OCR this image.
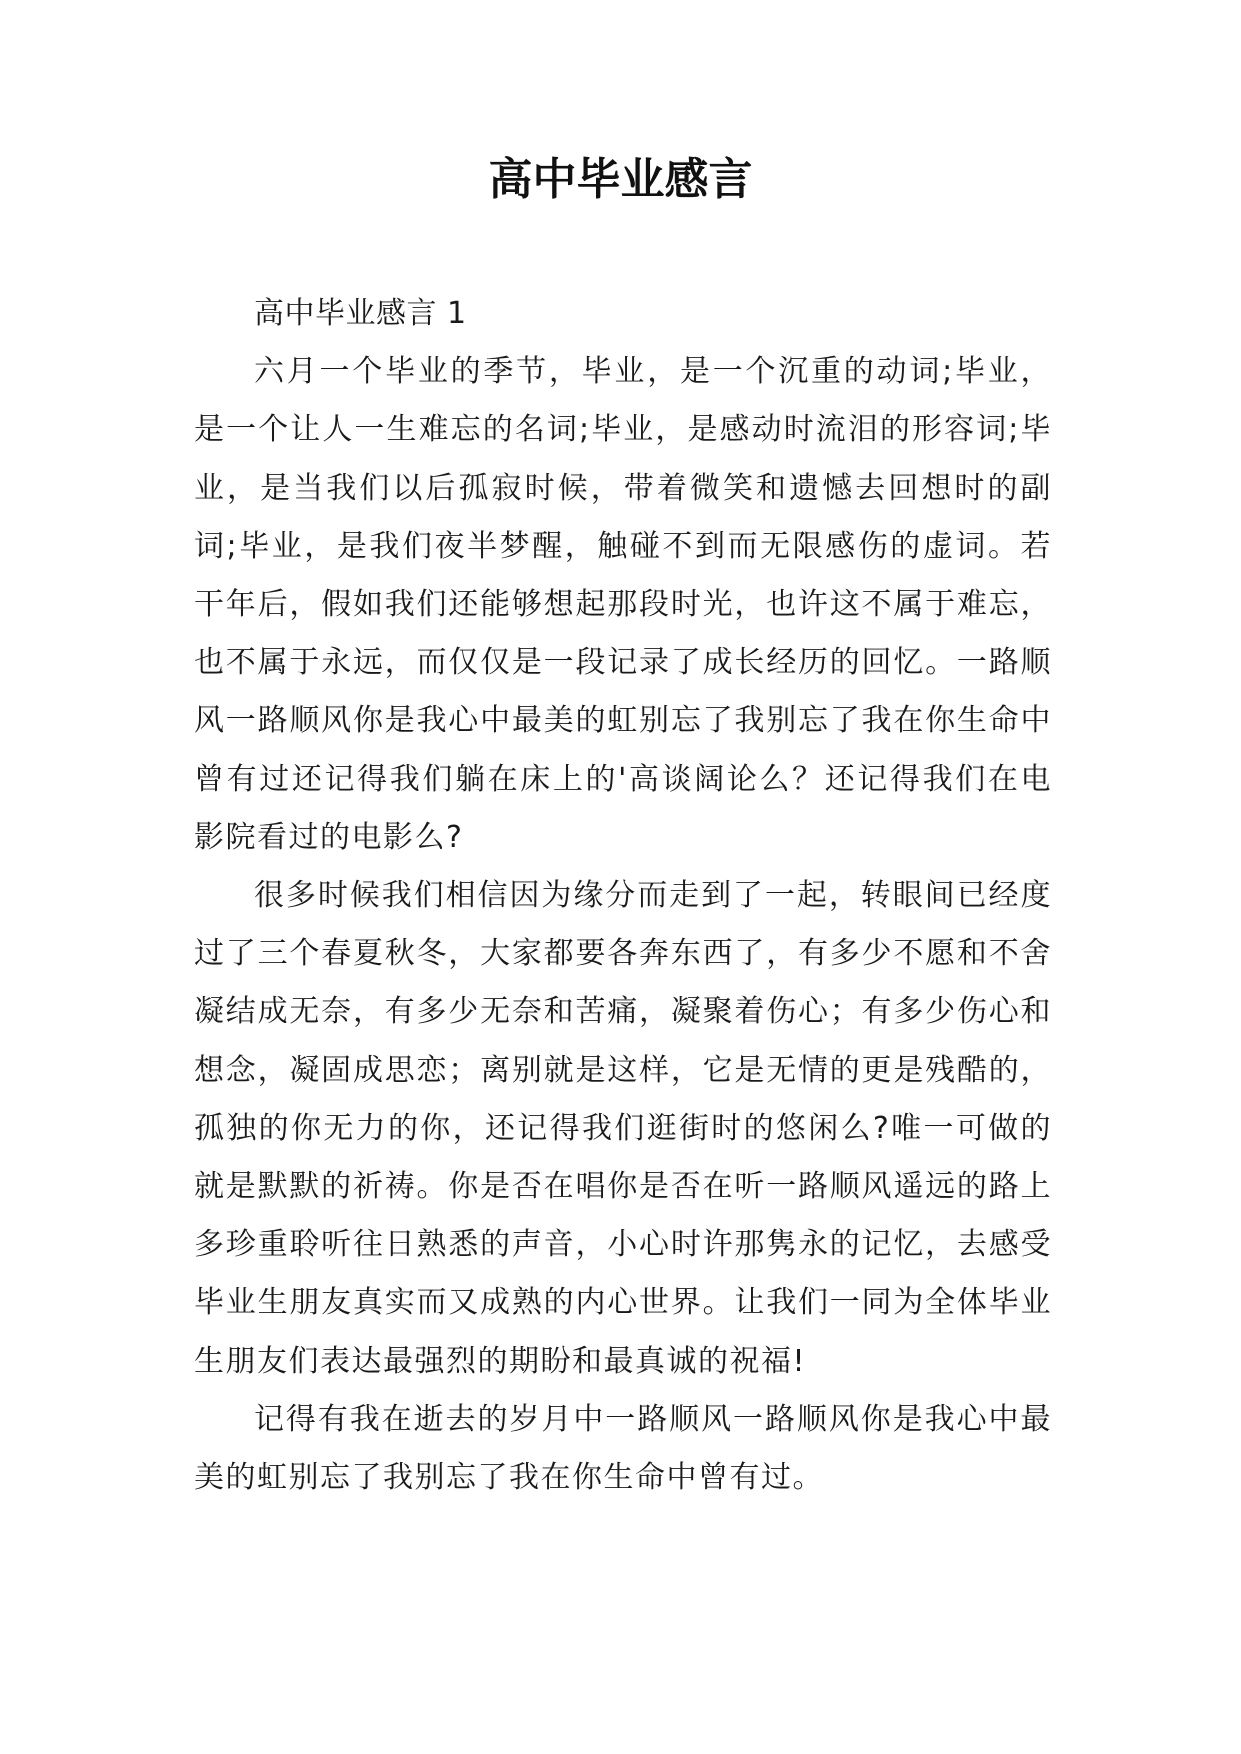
高中毕业感言

高中毕业感言 1

六月一个毕业的季节，毕业，是一个沉重的动词;毕业，是一个让人一生难忘的名词;毕业，是感动时流泪的形容词;毕业，是当我们以后孤寂时候，带着微笑和遗憾去回想时的副词;毕业，是我们夜半梦醒，触碰不到而无限感伤的虚词。若干年后，假如我们还能够想起那段时光，也许这不属于难忘，也不属于永远，而仅仅是一段记录了成长经历的回忆。一路顺风一路顺风你是我心中最美的虹别忘了我别忘了我在你生命中曾有过还记得我们躺在床上的'高谈阔论么？还记得我们在电影院看过的电影么?

很多时候我们相信因为缘分而走到了一起，转眼间已经度过了三个春夏秋冬，大家都要各奔东西了，有多少不愿和不舍凝结成无奈，有多少无奈和苦痛，凝聚着伤心；有多少伤心和想念，凝固成思恋；离别就是这样，它是无情的更是残酷的，孤独的你无力的你，还记得我们逛街时的悠闲么?唯一可做的就是默默的祈祷。你是否在唱你是否在听一路顺风遥远的路上多珍重聆听往日熟悉的声音，小心时许那隽永的记忆，去感受毕业生朋友真实而又成熟的内心世界。让我们一同为全体毕业生朋友们表达最强烈的期盼和最真诚的祝福!

记得有我在逝去的岁月中一路顺风一路顺风你是我心中最美的虹别忘了我别忘了我在你生命中曾有过。
